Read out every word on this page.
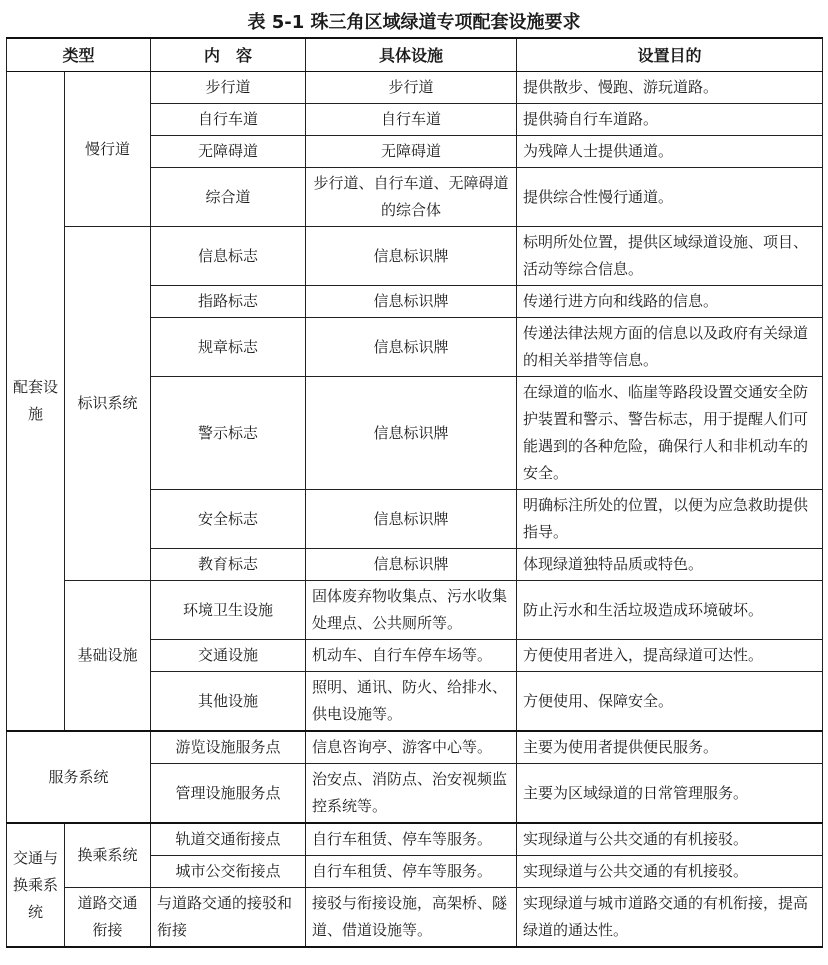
表 5-1 珠三角区域绿道专项配套设施要求
类型		内　容	具体设施	设置目的
配套设施	慢行道	步行道	步行道	提供散步、慢跑、游玩道路。
		自行车道	自行车道	提供骑自行车道路。
		无障碍道	无障碍道	为残障人士提供通道。
		综合道	步行道、自行车道、无障碍道的综合体	提供综合性慢行通道。
	标识系统	信息标志	信息标识牌	标明所处位置，提供区域绿道设施、项目、活动等综合信息。
		指路标志	信息标识牌	传递行进方向和线路的信息。
		规章标志	信息标识牌	传递法律法规方面的信息以及政府有关绿道的相关举措等信息。
		警示标志	信息标识牌	在绿道的临水、临崖等路段设置交通安全防护装置和警示、警告标志，用于提醒人们可能遇到的各种危险，确保行人和非机动车的安全。
		安全标志	信息标识牌	明确标注所处的位置，以便为应急救助提供指导。
		教育标志	信息标识牌	体现绿道独特品质或特色。
	基础设施	环境卫生设施	固体废弃物收集点、污水收集处理点、公共厕所等。	防止污水和生活垃圾造成环境破坏。
		交通设施	机动车、自行车停车场等。	方便使用者进入，提高绿道可达性。
		其他设施	照明、通讯、防火、给排水、供电设施等。	方便使用、保障安全。
服务系统		游览设施服务点	信息咨询亭、游客中心等。	主要为使用者提供便民服务。
		管理设施服务点	治安点、消防点、治安视频监控系统等。	主要为区域绿道的日常管理服务。
交通与换乘系统	换乘系统	轨道交通衔接点	自行车租赁、停车等服务。	实现绿道与公共交通的有机接驳。
		城市公交衔接点	自行车租赁、停车等服务。	实现绿道与公共交通的有机接驳。
	道路交通衔接	与道路交通的接驳和衔接	接驳与衔接设施，高架桥、隧道、借道设施等。	实现绿道与城市道路交通的有机衔接，提高绿道的通达性。
